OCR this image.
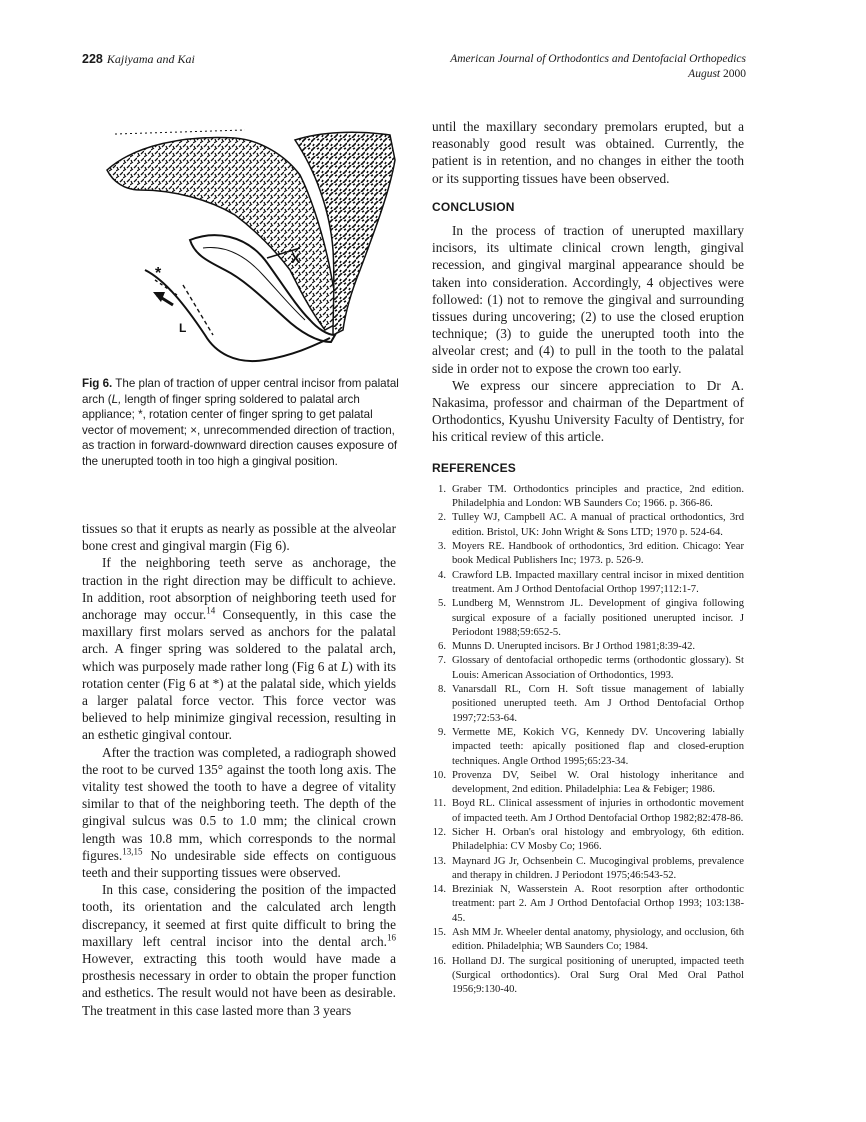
228 Kajiyama and Kai	American Journal of Orthodontics and Dentofacial Orthopedics
August 2000
*
L
X
Fig 6. The plan of traction of upper central incisor from palatal arch (L, length of finger spring soldered to palatal arch appliance; *, rotation center of finger spring to get palatal vector of movement; ×, unrecommended direction of traction, as traction in forward-downward direction causes exposure of the unerupted tooth in too high a gingival position.

tissues so that it erupts as nearly as possible at the alveolar bone crest and gingival margin (Fig 6).

If the neighboring teeth serve as anchorage, the traction in the right direction may be difficult to achieve. In addition, root absorption of neighboring teeth used for anchorage may occur.$^{14}$ Consequently, in this case the maxillary first molars served as anchors for the palatal arch. A finger spring was soldered to the palatal arch, which was purposely made rather long (Fig 6 at L) with its rotation center (Fig 6 at *) at the palatal side, which yields a larger palatal force vector. This force vector was believed to help minimize gingival recession, resulting in an esthetic gingival contour.

After the traction was completed, a radiograph showed the root to be curved 135° against the tooth long axis. The vitality test showed the tooth to have a degree of vitality similar to that of the neighboring teeth. The depth of the gingival sulcus was 0.5 to 1.0 mm; the clinical crown length was 10.8 mm, which corresponds to the normal figures.$^{13,15}$ No undesirable side effects on contiguous teeth and their supporting tissues were observed.

In this case, considering the position of the impacted tooth, its orientation and the calculated arch length discrepancy, it seemed at first quite difficult to bring the maxillary left central incisor into the dental arch.$^{16}$ However, extracting this tooth would have made a prosthesis necessary in order to obtain the proper function and esthetics. The result would not have been as desirable. The treatment in this case lasted more than 3 years

until the maxillary secondary premolars erupted, but a reasonably good result was obtained. Currently, the patient is in retention, and no changes in either the tooth or its supporting tissues have been observed.

CONCLUSION

In the process of traction of unerupted maxillary incisors, its ultimate clinical crown length, gingival recession, and gingival marginal appearance should be taken into consideration. Accordingly, 4 objectives were followed: (1) not to remove the gingival and surrounding tissues during uncovering; (2) to use the closed eruption technique; (3) to guide the unerupted tooth into the alveolar crest; and (4) to pull in the tooth to the palatal side in order not to expose the crown too early.

We express our sincere appreciation to Dr A. Nakasima, professor and chairman of the Department of Orthodontics, Kyushu University Faculty of Dentistry, for his critical review of this article.

REFERENCES
1. Graber TM. Orthodontics principles and practice, 2nd edition. Philadelphia and London: WB Saunders Co; 1966. p. 366-86.
2. Tulley WJ, Campbell AC. A manual of practical orthodontics, 3rd edition. Bristol, UK: John Wright & Sons LTD; 1970 p. 524-64.
3. Moyers RE. Handbook of orthodontics, 3rd edition. Chicago: Year book Medical Publishers Inc; 1973. p. 526-9.
4. Crawford LB. Impacted maxillary central incisor in mixed dentition treatment. Am J Orthod Dentofacial Orthop 1997;112:1-7.
5. Lundberg M, Wennstrom JL. Development of gingiva following surgical exposure of a facially positioned unerupted incisor. J Periodont 1988;59:652-5.
6. Munns D. Unerupted incisors. Br J Orthod 1981;8:39-42.
7. Glossary of dentofacial orthopedic terms (orthodontic glossary). St Louis: American Association of Orthodontics, 1993.
8. Vanarsdall RL, Corn H. Soft tissue management of labially positioned unerupted teeth. Am J Orthod Dentofacial Orthop 1997;72:53-64.
9. Vermette ME, Kokich VG, Kennedy DV. Uncovering labially impacted teeth: apically positioned flap and closed-eruption techniques. Angle Orthod 1995;65:23-34.
10. Provenza DV, Seibel W. Oral histology inheritance and development, 2nd edition. Philadelphia: Lea & Febiger; 1986.
11. Boyd RL. Clinical assessment of injuries in orthodontic movement of impacted teeth. Am J Orthod Dentofacial Orthop 1982;82:478-86.
12. Sicher H. Orban's oral histology and embryology, 6th edition. Philadelphia: CV Mosby Co; 1966.
13. Maynard JG Jr, Ochsenbein C. Mucogingival problems, prevalence and therapy in children. J Periodont 1975;46:543-52.
14. Breziniak N, Wasserstein A. Root resorption after orthodontic treatment: part 2. Am J Orthod Dentofacial Orthop 1993; 103:138-45.
15. Ash MM Jr. Wheeler dental anatomy, physiology, and occlusion, 6th edition. Philadelphia; WB Saunders Co; 1984.
16. Holland DJ. The surgical positioning of unerupted, impacted teeth (Surgical orthodontics). Oral Surg Oral Med Oral Pathol 1956;9:130-40.
